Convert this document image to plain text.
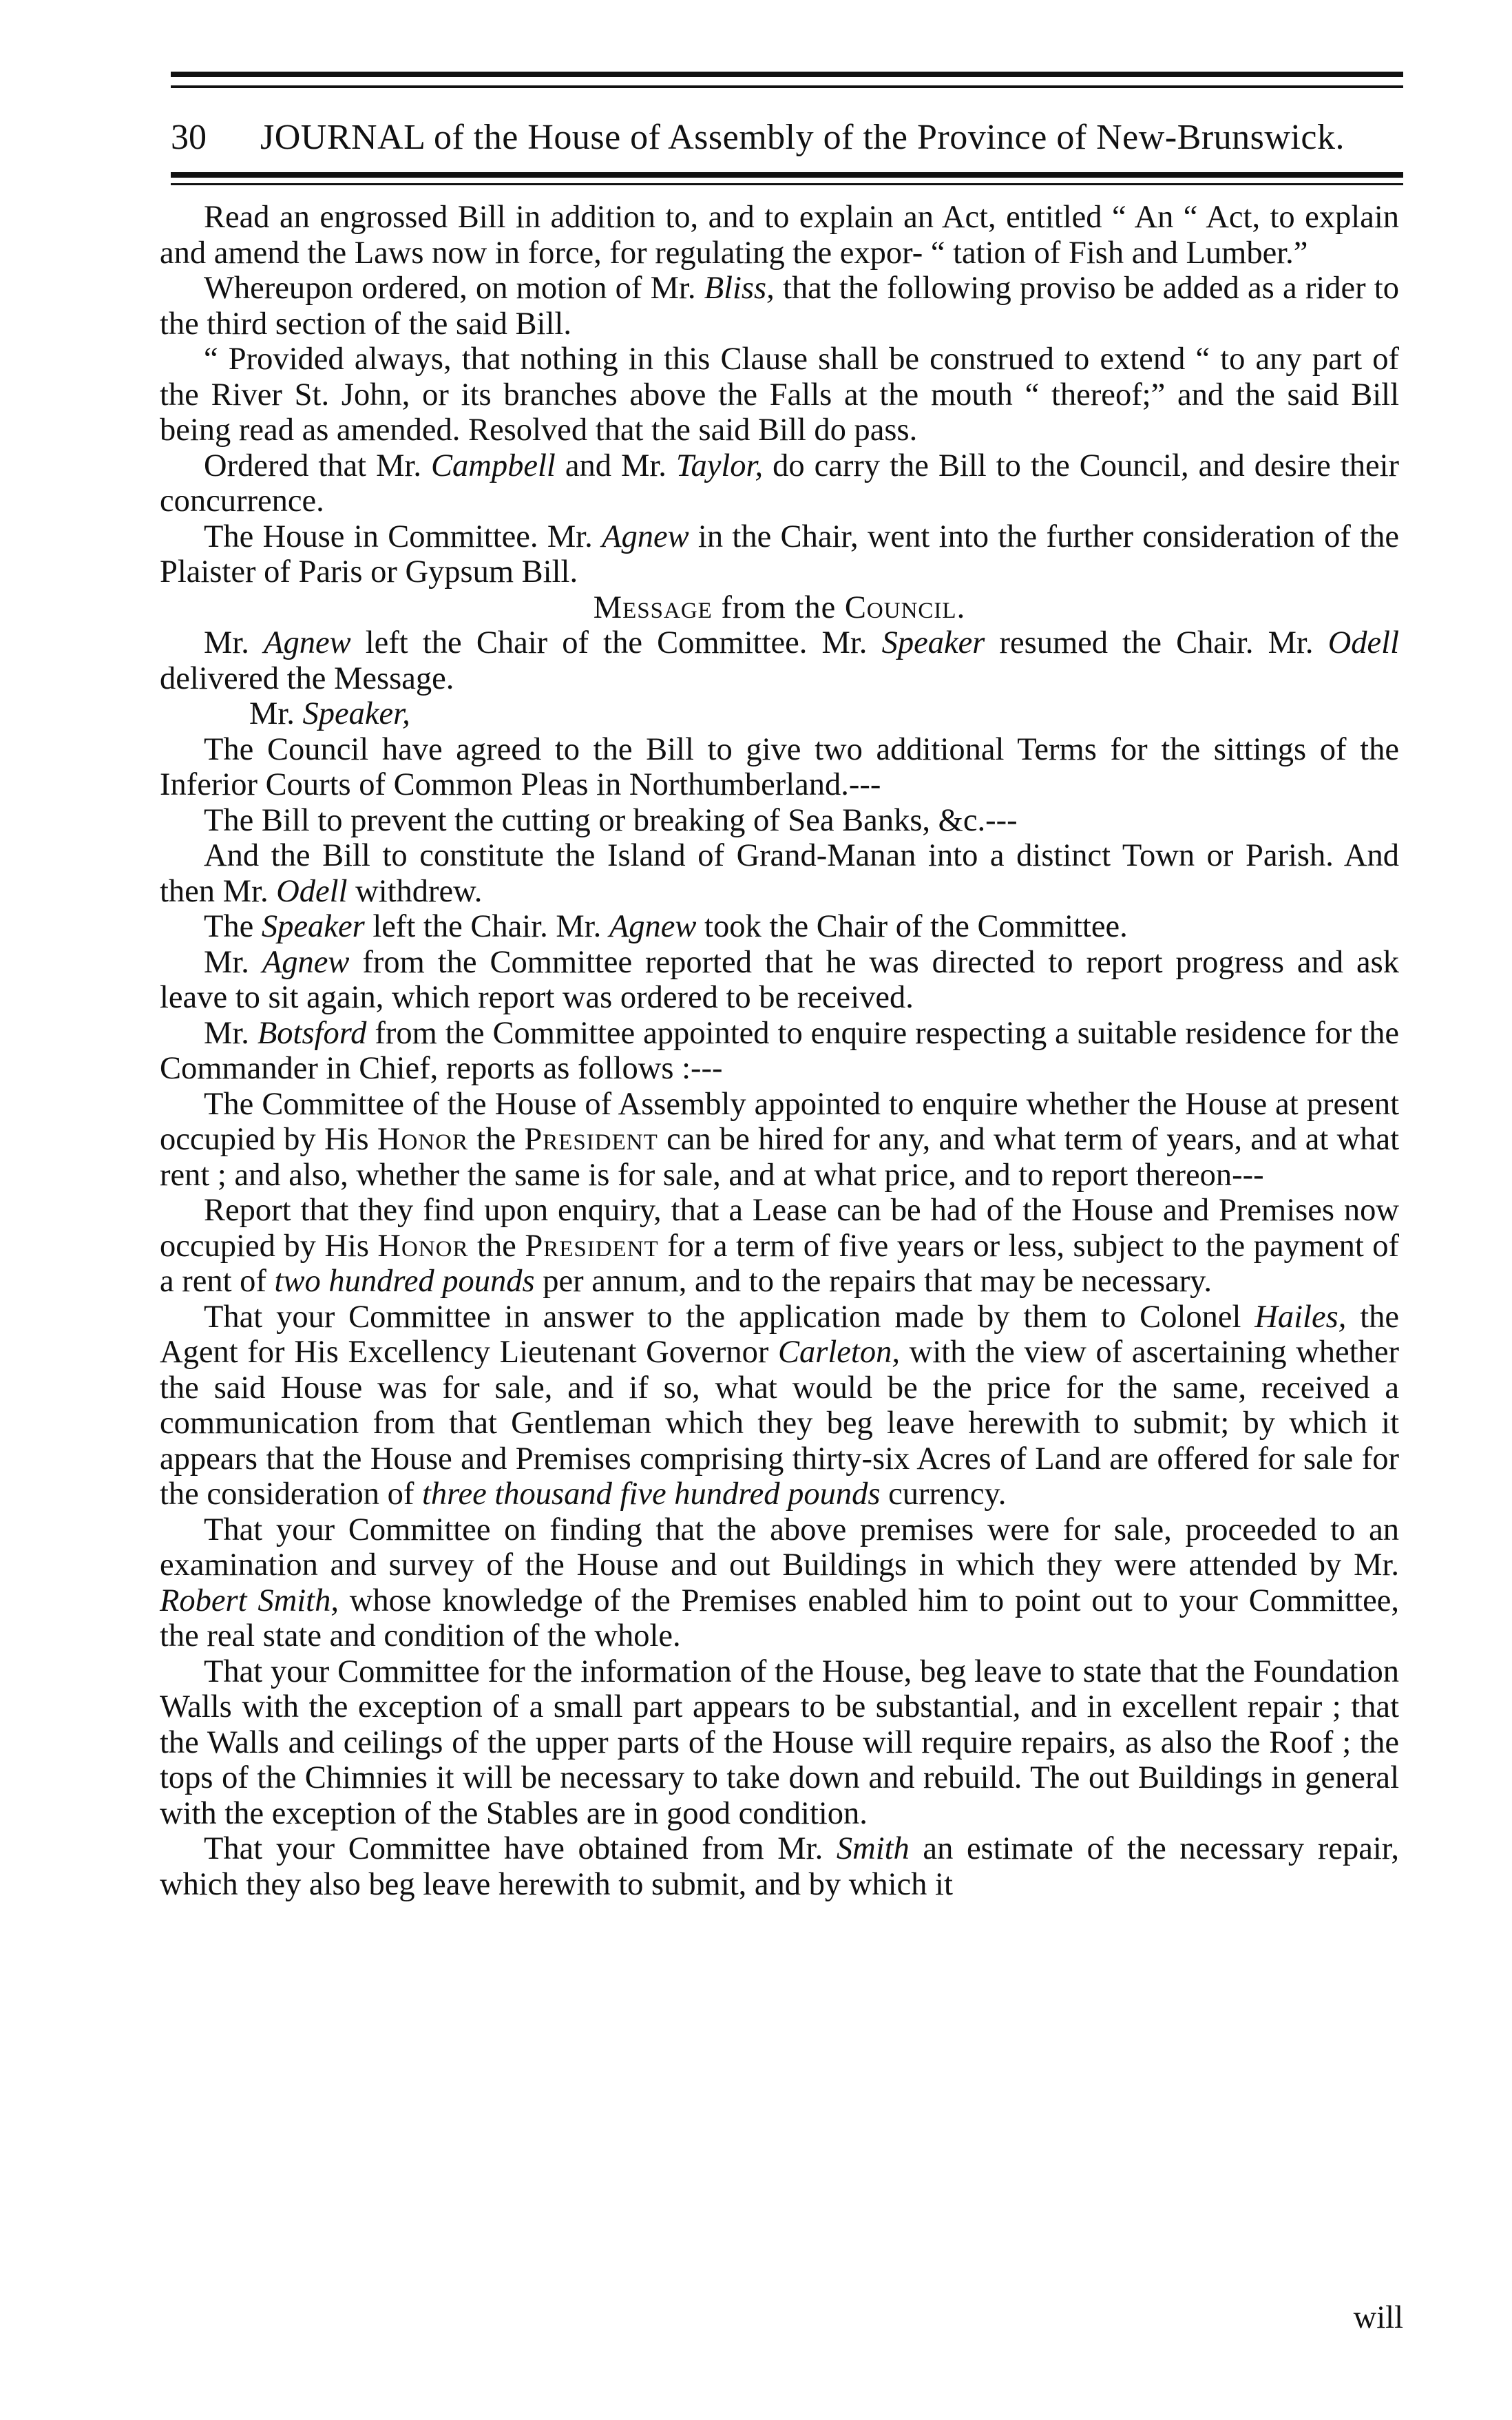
30 JOURNAL of the House of Assembly of the Province of New-Brunswick.

Read an engrossed Bill in addition to, and to explain an Act, entitled “ An “ Act, to explain and amend the Laws now in force, for regulating the expor- “ tation of Fish and Lumber.”

Whereupon ordered, on motion of Mr. Bliss, that the following proviso be added as a rider to the third section of the said Bill.

“ Provided always, that nothing in this Clause shall be construed to extend “ to any part of the River St. John, or its branches above the Falls at the mouth “ thereof;” and the said Bill being read as amended. Resolved that the said Bill do pass.

Ordered that Mr. Campbell and Mr. Taylor, do carry the Bill to the Council, and desire their concurrence.

The House in Committee. Mr. Agnew in the Chair, went into the further consideration of the Plaister of Paris or Gypsum Bill.

Message from the Council.

Mr. Agnew left the Chair of the Committee. Mr. Speaker resumed the Chair. Mr. Odell delivered the Message.

Mr. Speaker,

The Council have agreed to the Bill to give two additional Terms for the sittings of the Inferior Courts of Common Pleas in Northumberland.---

The Bill to prevent the cutting or breaking of Sea Banks, &c.---

And the Bill to constitute the Island of Grand-Manan into a distinct Town or Parish. And then Mr. Odell withdrew.

The Speaker left the Chair. Mr. Agnew took the Chair of the Committee.

Mr. Agnew from the Committee reported that he was directed to report progress and ask leave to sit again, which report was ordered to be received.

Mr. Botsford from the Committee appointed to enquire respecting a suitable residence for the Commander in Chief, reports as follows :---

The Committee of the House of Assembly appointed to enquire whether the House at present occupied by His Honor the President can be hired for any, and what term of years, and at what rent ; and also, whether the same is for sale, and at what price, and to report thereon---

Report that they find upon enquiry, that a Lease can be had of the House and Premises now occupied by His Honor the President for a term of five years or less, subject to the payment of a rent of two hundred pounds per annum, and to the repairs that may be necessary.

That your Committee in answer to the application made by them to Colonel Hailes, the Agent for His Excellency Lieutenant Governor Carleton, with the view of ascertaining whether the said House was for sale, and if so, what would be the price for the same, received a communication from that Gentleman which they beg leave herewith to submit; by which it appears that the House and Premises comprising thirty-six Acres of Land are offered for sale for the consideration of three thousand five hundred pounds currency.

That your Committee on finding that the above premises were for sale, proceeded to an examination and survey of the House and out Buildings in which they were attended by Mr. Robert Smith, whose knowledge of the Premises enabled him to point out to your Committee, the real state and condition of the whole.

That your Committee for the information of the House, beg leave to state that the Foundation Walls with the exception of a small part appears to be substantial, and in excellent repair ; that the Walls and ceilings of the upper parts of the House will require repairs, as also the Roof ; the tops of the Chimnies it will be necessary to take down and rebuild. The out Buildings in general with the exception of the Stables are in good condition.

That your Committee have obtained from Mr. Smith an estimate of the necessary repair, which they also beg leave herewith to submit, and by which it

will
